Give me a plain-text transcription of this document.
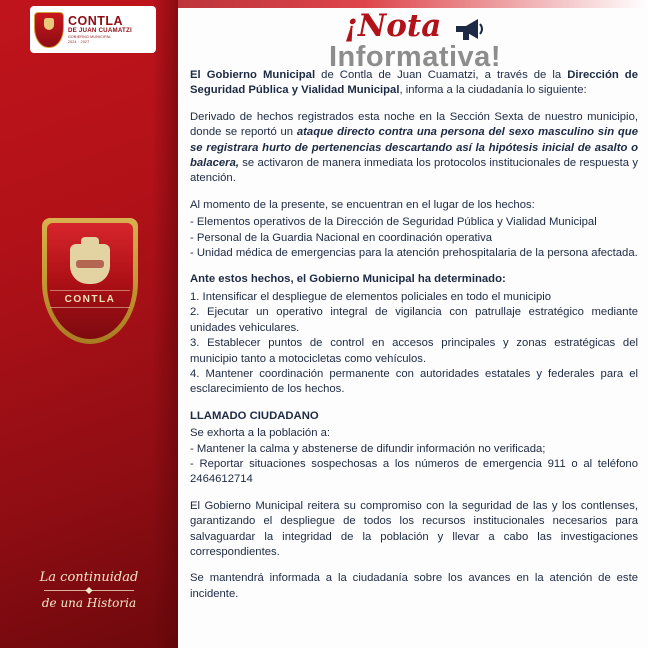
CONTLA
DE JUAN CUAMATZI
GOBIERNO MUNICIPAL
2024 · 2027
CONTLA
La continuidad
de una Historia
¡Nota
Informativa!

El Gobierno Municipal de Contla de Juan Cuamatzi, a través de la Dirección de Seguridad Pública y Vialidad Municipal, informa a la ciudadanía lo siguiente:

Derivado de hechos registrados esta noche en la Sección Sexta de nuestro municipio, donde se reportó un ataque directo contra una persona del sexo masculino sin que se registrara hurto de pertenencias descartando así la hipótesis inicial de asalto o balacera, se activaron de manera inmediata los protocolos institucionales de respuesta y atención.

Al momento de la presente, se encuentran en el lugar de los hechos:

- Elementos operativos de la Dirección de Seguridad Pública y Vialidad Municipal

- Personal de la Guardia Nacional en coordinación operativa

- Unidad médica de emergencias para la atención prehospitalaria de la persona afectada.

Ante estos hechos, el Gobierno Municipal ha determinado:

1. Intensificar el despliegue de elementos policiales en todo el municipio

2. Ejecutar un operativo integral de vigilancia con patrullaje estratégico mediante unidades vehiculares.

3. Establecer puntos de control en accesos principales y zonas estratégicas del municipio tanto a motocicletas como vehículos.

4. Mantener coordinación permanente con autoridades estatales y federales para el esclarecimiento de los hechos.

LLAMADO CIUDADANO

Se exhorta a la población a:

- Mantener la calma y abstenerse de difundir información no verificada;

- Reportar situaciones sospechosas a los números de emergencia 911 o al teléfono 2464612714

El Gobierno Municipal reitera su compromiso con la seguridad de las y los contlenses, garantizando el despliegue de todos los recursos institucionales necesarios para salvaguardar la integridad de la población y llevar a cabo las investigaciones correspondientes.

Se mantendrá informada a la ciudadanía sobre los avances en la atención de este incidente.
